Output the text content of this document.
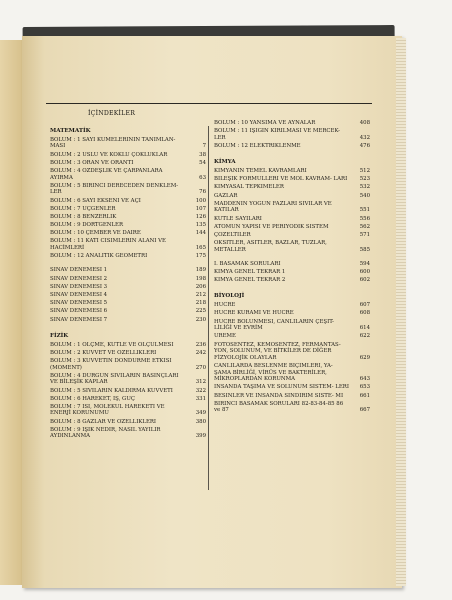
İÇİNDEKİLER
MATEMATİK
BÖLÜM : 1 SAYI KÜMELERİNİN TANIMLAN- MASI	7
BÖLÜM : 2 ÜSLÜ VE KÖKLÜ ÇOKLUKLAR	38
BÖLÜM : 3 ORAN VE ORANTI	54
BÖLÜM : 4 ÖZDEŞLİK VE ÇARPANLARA AYIRMA	63
BÖLÜM : 5 BİRİNCİ DERECEDEN DENKLEM- LER	76
BÖLÜM : 6 SAYI EKSENİ VE AÇI	100
BÖLÜM : 7 ÜÇGENLER	107
BÖLÜM : 8 BENZERLİK	126
BÖLÜM : 9 DÖRTGENLER	135
BÖLÜM : 10 ÇEMBER VE DAİRE	144
BÖLÜM : 11 KATI CİSİMLERİN ALANI VE HACİMLERİ	165
BÖLÜM : 12 ANALİTİK GEOMETRİ	175
SINAV DENEMESİ 1	189
SINAV DENEMESİ 2	198
SINAV DENEMESİ 3	206
SINAV DENEMESİ 4	212
SINAV DENEMESİ 5	218
SINAV DENEMESİ 6	225
SINAV DENEMESİ 7	230
FİZİK
BÖLÜM : 1 ÖLÇME, KÜTLE VE ÖLÇÜLMESİ	236
BÖLÜM : 2 KUVVET VE ÖZELLİKLERİ	242
BÖLÜM : 3 KUVVETİN DÖNDÜRME ETKİSİ (MOMENT)	270
BÖLÜM : 4 DURGUN SIVILARIN BASINÇLARI VE BİLEŞİK KAPLAR	312
BÖLÜM : 5 SIVILARIN KALDIRMA KUVVETİ	322
BÖLÜM : 6 HAREKET, İŞ, GÜÇ	331
BÖLÜM : 7 ISI, MOLEKÜL HAREKETİ VE ENERJİ KORUNUMU	349
BÖLÜM : 8 GAZLAR VE ÖZELLİKLERİ	380
BÖLÜM : 9 IŞIK NEDİR, NASIL YAYILIR AYDINLANMA	399
BÖLÜM : 10 YANSIMA VE AYNALAR	408
BÖLÜM : 11 IŞIĞIN KIRILMASI VE MERCEK- LER	432
BÖLÜM : 12 ELEKTRİKLENME	476
KİMYA
KİMYANIN TEMEL KAVRAMLARI	512
BİLEŞİK FORMÜLLERİ VE MOL KAVRAM- LARI	523
KİMYASAL TEPKİMELER	532
GAZLAR	540
MADDENİN YOĞUN FAZLARI SIVILAR VE KATILAR	551
KÜTLE SAYILARI	556
ATOMUN YAPISI VE PERİYODİK SİSTEM	562
ÇÖZELTİLER	571
OKSİTLER, ASİTLER, BAZLAR, TUZLAR, METALLER	585
I. BASAMAK SORULARI	594
KİMYA GENEL TEKRAR 1	600
KİMYA GENEL TEKRAR 2	602
BİYOLOJİ
HÜCRE	607
HÜCRE KURAMI VE HÜCRE	608
HÜCRE BÖLÜNMESİ, CANLILARIN ÇEŞİT- LİLİĞİ VE EVRİM	614
ÜREME	622
FOTOSENTEZ, KEMOSENTEZ, FERMANTAS- YON, SOLUNUM, VE BİTKİLER DE DİĞER FİZYOLOJİK OLAYLAR	629
CANLILARDA BESLENME BİÇİMLERİ, YA- ŞAMA BİRLİĞİ, VİRÜS VE BAKTERİLER, MİKROPLARDAN KORUNMA	643
İNSANDA TAŞIMA VE SOLUNUM SİSTEM- LERİ	653
BESİNLER VE İNSANDA SİNDİRİM SİSTE- Mİ	661
BİRİNCİ BASAMAK SORULARI 82-83-84-85 86 ve 87	667
